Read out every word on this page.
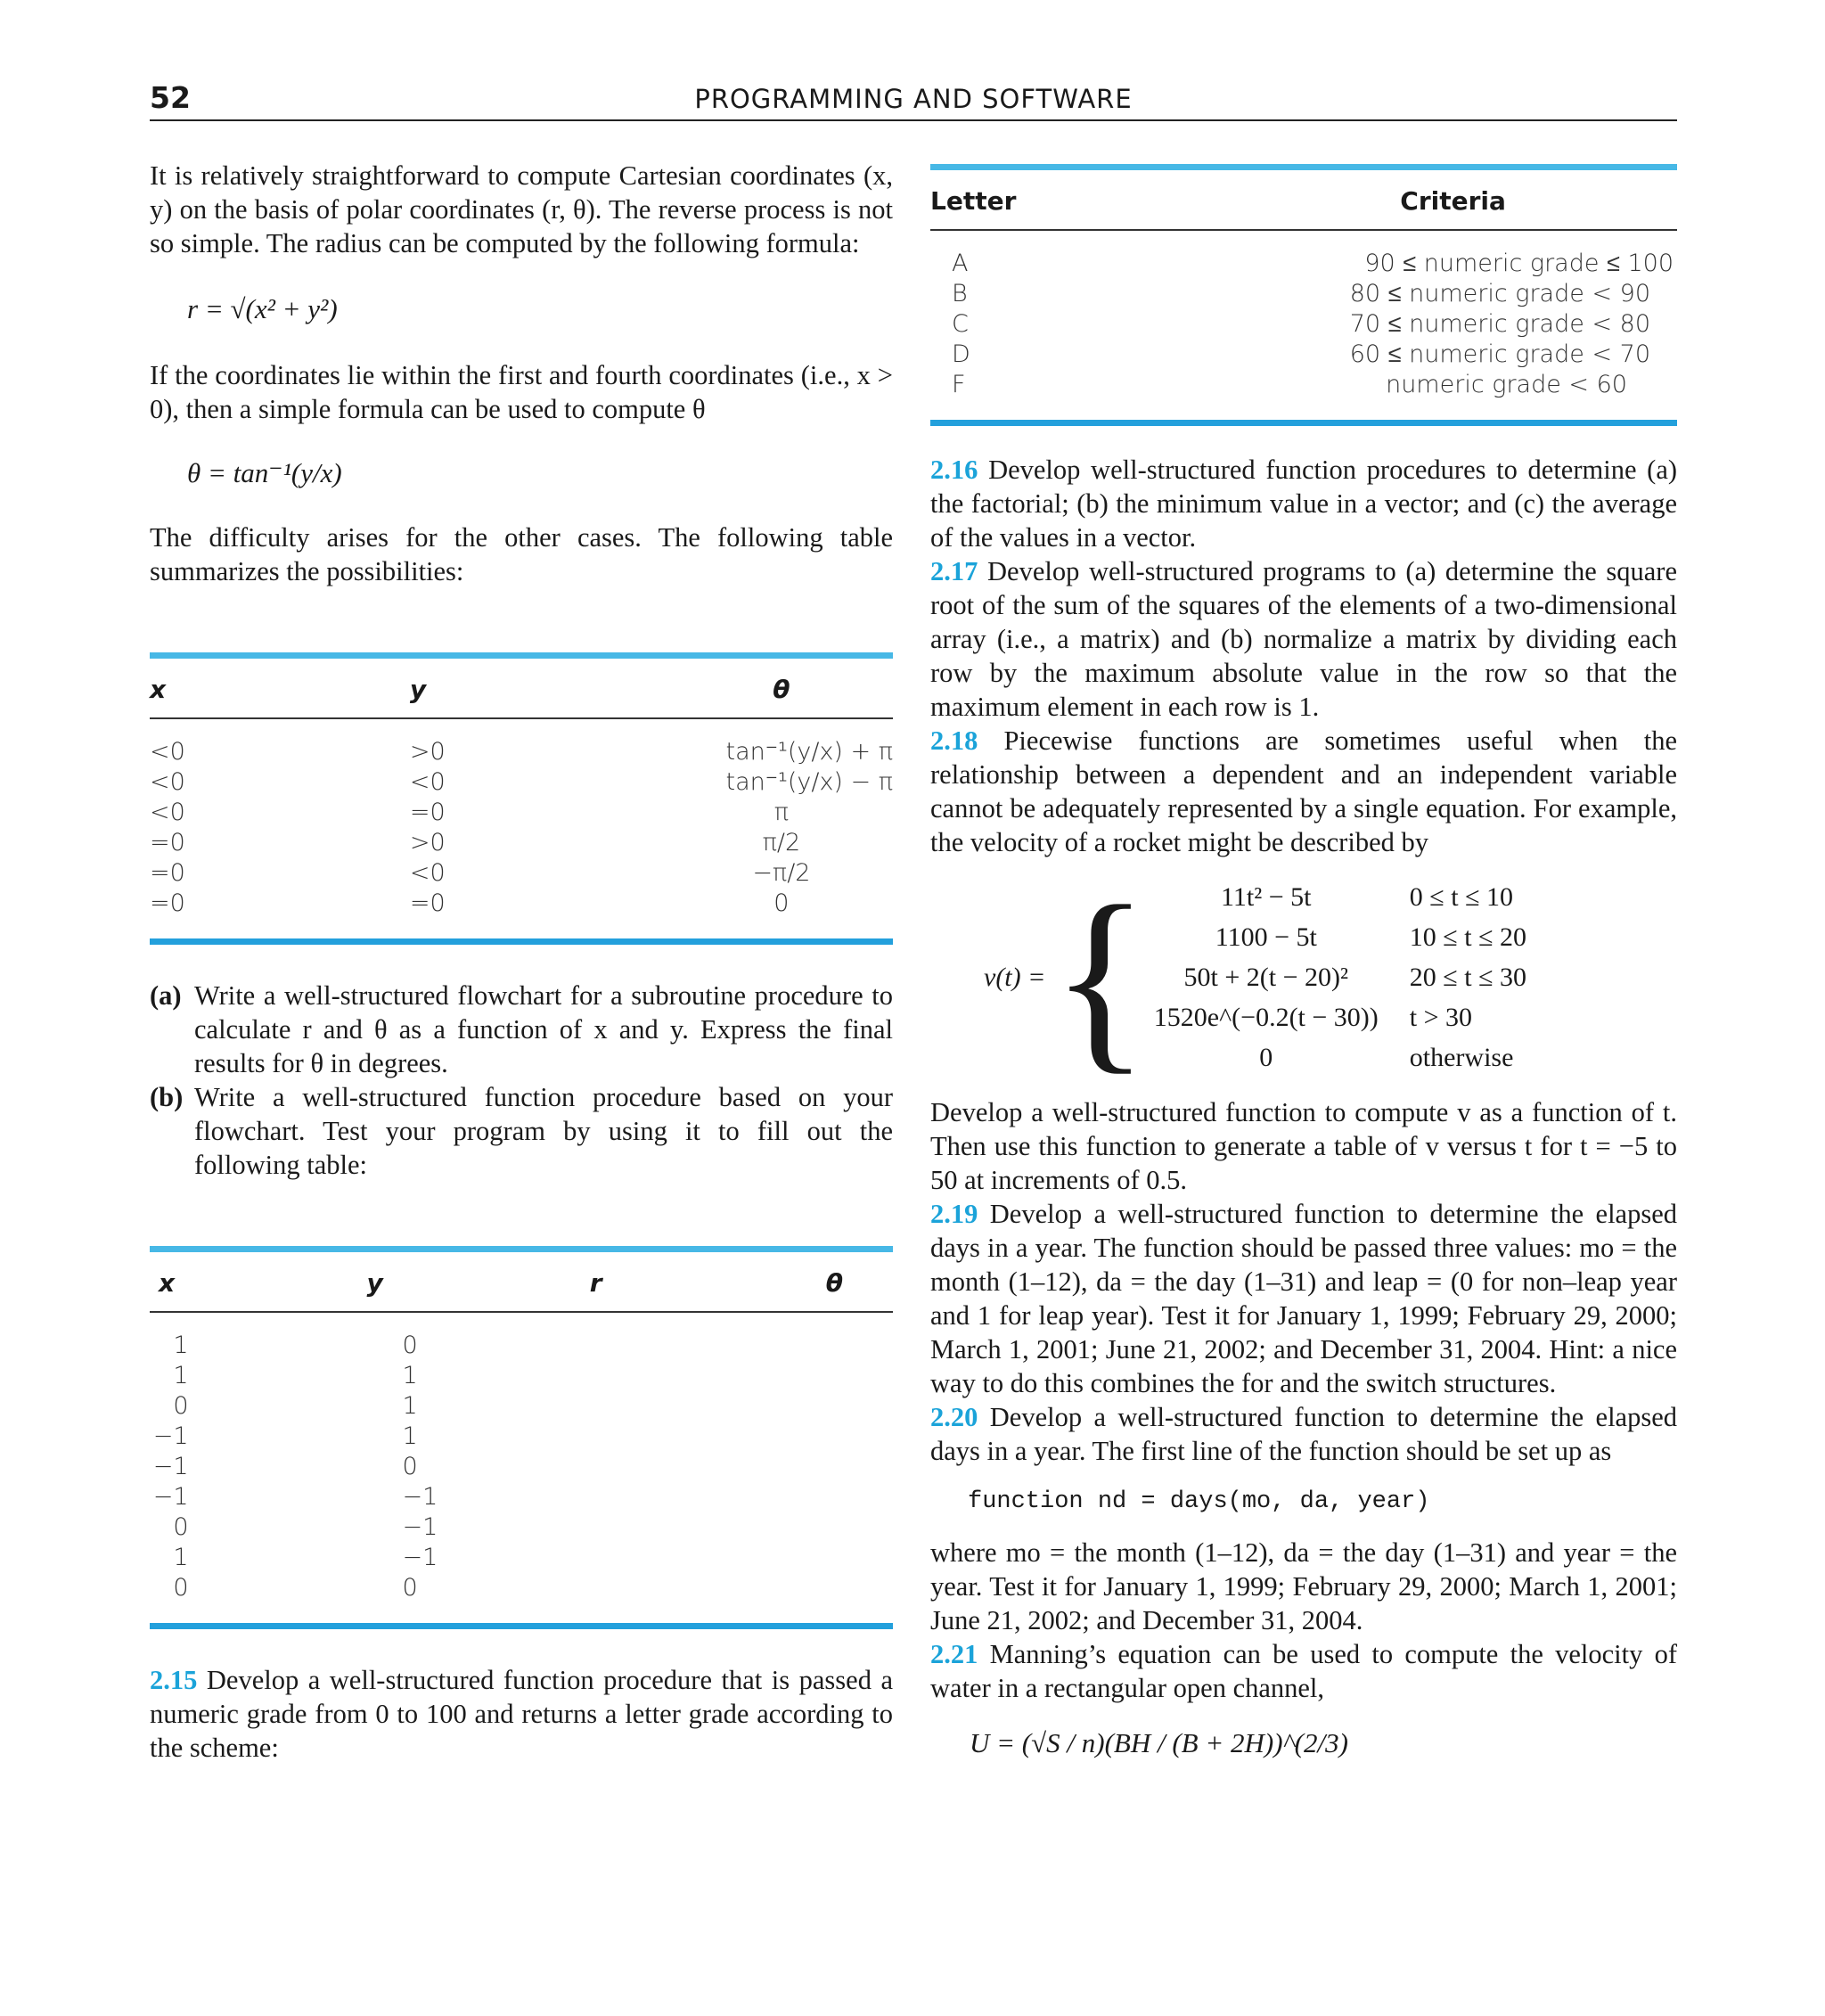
52	PROGRAMMING AND SOFTWARE

It is relatively straightforward to compute Cartesian coordinates (x, y) on the basis of polar coordinates (r, θ). The reverse process is not so simple. The radius can be computed by the following formula:

r = √(x² + y²)

If the coordinates lie within the first and fourth coordinates (i.e., x > 0), then a simple formula can be used to compute θ

θ = tan⁻¹(y/x)

The difficulty arises for the other cases. The following table summarizes the possibilities:

x	y	θ
<0	>0	tan⁻¹(y/x) + π
<0	<0	tan⁻¹(y/x) − π
<0	=0	π
=0	>0	π/2
=0	<0	−π/2
=0	=0	0
(a) Write a well-structured flowchart for a subroutine procedure to calculate r and θ as a function of x and y. Express the final results for θ in degrees.
(b) Write a well-structured function procedure based on your flowchart. Test your program by using it to fill out the following table:
x	y	r	θ
1	0		
1	1		
0	1		
−1	1		
−1	0		
−1	−1		
0	−1		
1	−1		
0	0		

2.15 Develop a well-structured function procedure that is passed a numeric grade from 0 to 100 and returns a letter grade according to the scheme:

Letter	Criteria
A	90 ≤ numeric grade ≤ 100
B	80 ≤ numeric grade < 90
C	70 ≤ numeric grade < 80
D	60 ≤ numeric grade < 70
F	numeric grade < 60

2.16 Develop well-structured function procedures to determine (a) the factorial; (b) the minimum value in a vector; and (c) the average of the values in a vector.

2.17 Develop well-structured programs to (a) determine the square root of the sum of the squares of the elements of a two-dimensional array (i.e., a matrix) and (b) normalize a matrix by dividing each row by the maximum absolute value in the row so that the maximum element in each row is 1.

2.18 Piecewise functions are sometimes useful when the relationship between a dependent and an independent variable cannot be adequately represented by a single equation. For example, the velocity of a rocket might be described by

v(t) = {	11t² − 5t	0 ≤ t ≤ 10
1100 − 5t	10 ≤ t ≤ 20
50t + 2(t − 20)²	20 ≤ t ≤ 30
1520e^(−0.2(t − 30))	t > 30
0	otherwise

Develop a well-structured function to compute v as a function of t. Then use this function to generate a table of v versus t for t = −5 to 50 at increments of 0.5.

2.19 Develop a well-structured function to determine the elapsed days in a year. The function should be passed three values: mo = the month (1–12), da = the day (1–31) and leap = (0 for non–leap year and 1 for leap year). Test it for January 1, 1999; February 29, 2000; March 1, 2001; June 21, 2002; and December 31, 2004. Hint: a nice way to do this combines the for and the switch structures.

2.20 Develop a well-structured function to determine the elapsed days in a year. The first line of the function should be set up as

function nd = days(mo, da, year)

where mo = the month (1–12), da = the day (1–31) and year = the year. Test it for January 1, 1999; February 29, 2000; March 1, 2001; June 21, 2002; and December 31, 2004.

2.21 Manning’s equation can be used to compute the velocity of water in a rectangular open channel,

U = (√S / n)(BH / (B + 2H))^(2/3)
